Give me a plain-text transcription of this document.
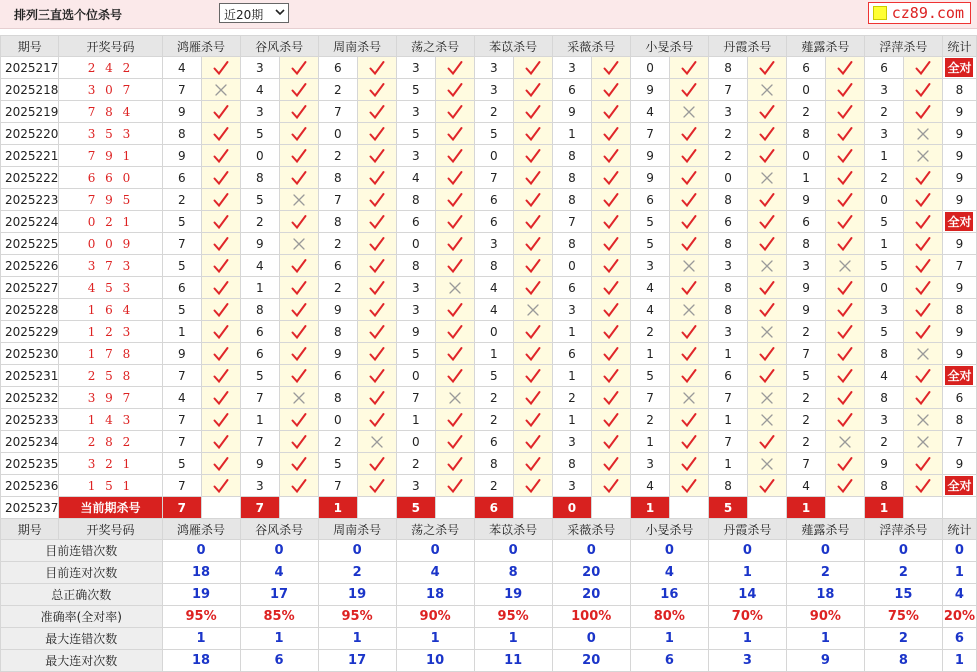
排列三直选个位杀号	近20期	cz89.com
期号	开奖号码	鸿雁杀号		谷风杀号		周南杀号		荡之杀号		苯苡杀号		采薇杀号		小旻杀号		丹霞杀号		薤露杀号		浮萍杀号		统计
2025217	2 4 2	4		3		6		3		3		3		0		8		6		6		全对
2025218	3 0 7	7		4		2		5		3		6		9		7		0		3		8
2025219	7 8 4	9		3		7		3		2		9		4		3		2		2		9
2025220	3 5 3	8		5		0		5		5		1		7		2		8		3		9
2025221	7 9 1	9		0		2		3		0		8		9		2		0		1		9
2025222	6 6 0	6		8		8		4		7		8		9		0		1		2		9
2025223	7 9 5	2		5		7		8		6		8		6		8		9		0		9
2025224	0 2 1	5		2		8		6		6		7		5		6		6		5		全对
2025225	0 0 9	7		9		2		0		3		8		5		8		8		1		9
2025226	3 7 3	5		4		6		8		8		0		3		3		3		5		7
2025227	4 5 3	6		1		2		3		4		6		4		8		9		0		9
2025228	1 6 4	5		8		9		3		4		3		4		8		9		3		8
2025229	1 2 3	1		6		8		9		0		1		2		3		2		5		9
2025230	1 7 8	9		6		9		5		1		6		1		1		7		8		9
2025231	2 5 8	7		5		6		0		5		1		5		6		5		4		全对
2025232	3 9 7	4		7		8		7		2		2		7		7		2		8		6
2025233	1 4 3	7		1		0		1		2		1		2		1		2		3		8
2025234	2 8 2	7		7		2		0		6		3		1		7		2		2		7
2025235	3 2 1	5		9		5		2		8		8		3		1		7		9		9
2025236	1 5 1	7		3		7		3		2		3		4		8		4		8		全对
2025237	当前期杀号	7		7		1		5		6		0		1		5		1		1		
期号	开奖号码	鸿雁杀号		谷风杀号		周南杀号		荡之杀号		苯苡杀号		采薇杀号		小旻杀号		丹霞杀号		薤露杀号		浮萍杀号		统计
目前连错次数		0		0		0		0		0		0		0		0		0		0		0
目前连对次数		18		4		2		4		8		20		4		1		2		2		1
总正确次数		19		17		19		18		19		20		16		14		18		15		4
准确率(全对率)		95%		85%		95%		90%		95%		100%		80%		70%		90%		75%		20%
最大连错次数		1		1		1		1		1		0		1		1		1		2		6
最大连对次数		18		6		17		10		11		20		6		3		9		8		1
